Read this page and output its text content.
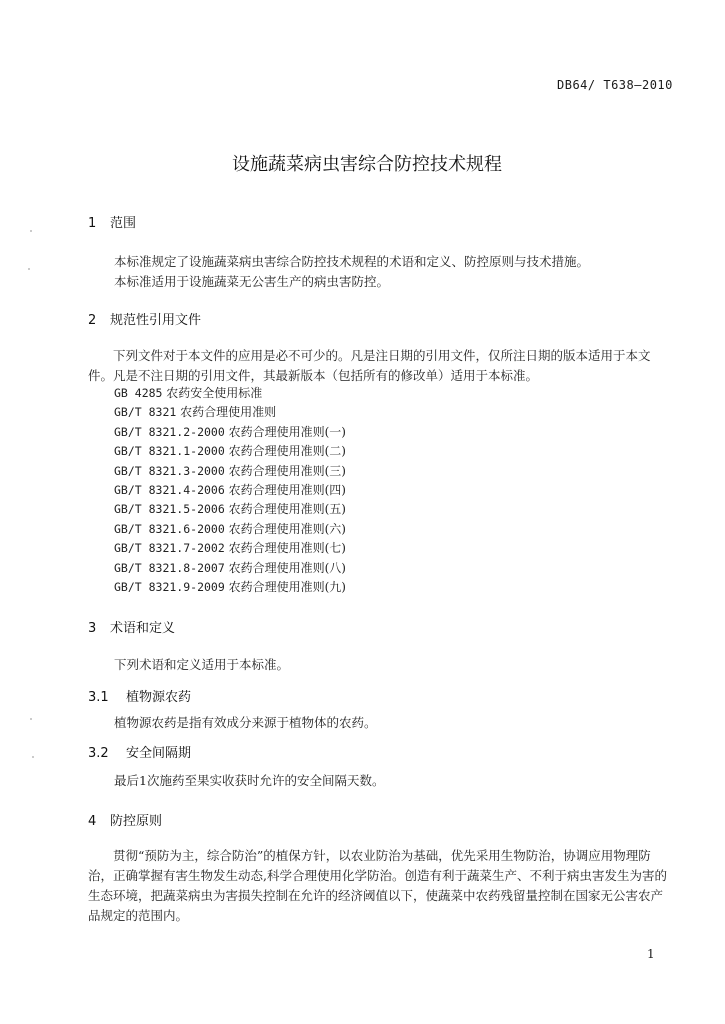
DB64/ T638—2010
设施蔬菜病虫害综合防控技术规程
1 范围
本标准规定了设施蔬菜病虫害综合防控技术规程的术语和定义、防控原则与技术措施。
本标准适用于设施蔬菜无公害生产的病虫害防控。
2 规范性引用文件
下列文件对于本文件的应用是必不可少的。凡是注日期的引用文件，仅所注日期的版本适用于本文件。凡是不注日期的引用文件，其最新版本（包括所有的修改单）适用于本标准。
GB 4285 农药安全使用标准
GB/T 8321 农药合理使用准则
GB/T 8321.2-2000 农药合理使用准则(一)
GB/T 8321.1-2000 农药合理使用准则(二)
GB/T 8321.3-2000 农药合理使用准则(三)
GB/T 8321.4-2006 农药合理使用准则(四)
GB/T 8321.5-2006 农药合理使用准则(五)
GB/T 8321.6-2000 农药合理使用准则(六)
GB/T 8321.7-2002 农药合理使用准则(七)
GB/T 8321.8-2007 农药合理使用准则(八)
GB/T 8321.9-2009 农药合理使用准则(九)
3 术语和定义
下列术语和定义适用于本标准。
3.1 植物源农药
植物源农药是指有效成分来源于植物体的农药。
3.2 安全间隔期
最后1次施药至果实收获时允许的安全间隔天数。
4 防控原则
贯彻“预防为主，综合防治”的植保方针，以农业防治为基础，优先采用生物防治，协调应用物理防治，正确掌握有害生物发生动态,科学合理使用化学防治。创造有利于蔬菜生产、不利于病虫害发生为害的生态环境，把蔬菜病虫为害损失控制在允许的经济阈值以下，使蔬菜中农药残留量控制在国家无公害农产品规定的范围内。
1
